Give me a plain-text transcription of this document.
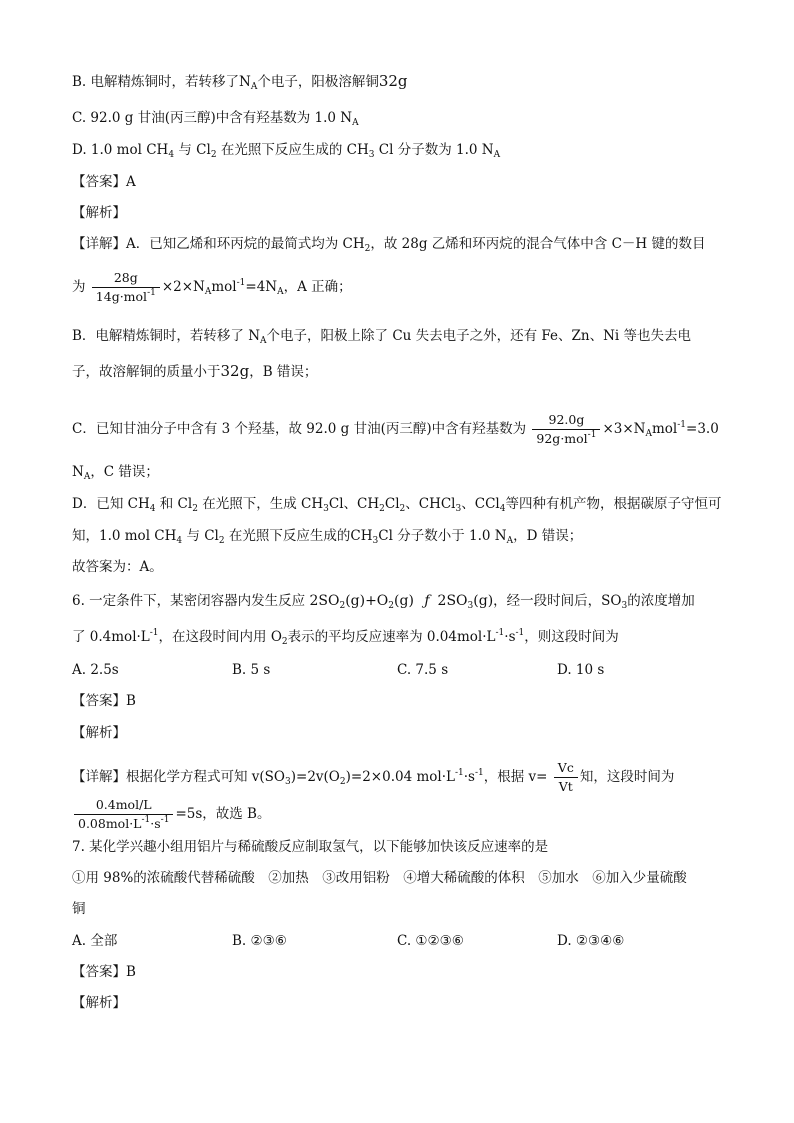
B. 电解精炼铜时，若转移了$N_A$个电子，阳极溶解铜32g
C. 92.0 g 甘油(丙三醇)中含有羟基数为 1.0 $N_A$
D. 1.0 mol $CH_4$ 与 $Cl_2$ 在光照下反应生成的 $CH_3$ Cl 分子数为 1.0 $N_A$
【答案】A
【解析】
【详解】A．已知乙烯和环丙烷的最简式均为 $CH_2$，故 28g 乙烯和环丙烷的混合气体中含 C－H 键的数目
为 $\frac{28g}{14g\cdot mol^{-1}} \times 2\times N_Amol^{-1}=4N_A$，A 正确；
B．电解精炼铜时，若转移了 $N_A$个电子，阳极上除了 Cu 失去电子之外，还有 Fe、Zn、Ni 等也失去电
子，故溶解铜的质量小于32g，B 错误；
C．已知甘油分子中含有 3 个羟基，故 92.0 g 甘油(丙三醇)中含有羟基数为 $\frac{92.0g}{92g\cdot mol^{-1}} \times 3\times N_Amol^{-1}=3.0$
$N_A$，C 错误；
D．已知 $CH_4$ 和 $Cl_2$ 在光照下，生成 $CH_3Cl$、$CH_2Cl_2$、CHCl$_3$、CCl$_4$等四种有机产物，根据碳原子守恒可
知，1.0 mol $CH_4$ 与 $Cl_2$ 在光照下反应生成的$CH_3Cl$ 分子数小于 1.0 $N_A$，D 错误；
故答案为：A。
6. 一定条件下，某密闭容器内发生反应 $2SO_2(g)+O_2(g)$ ƒ $2SO_3(g)$，经一段时间后，$SO_3$的浓度增加
了 $0.4mol\cdot L^{-1}$，在这段时间内用 $O_2$表示的平均反应速率为 $0.04mol\cdot L^{-1}\cdot s^{-1}$，则这段时间为
A. 2.5s	B. 5 s	C. 7.5 s	D. 10 s
【答案】B
【解析】
【详解】根据化学方程式可知 $v(SO_3)=2v(O_2)=2\times 0.04$ $mol\cdot L^{-1}\cdot s^{-1}$，根据 $v= \frac{Vc}{Vt}$ 知，这段时间为
$\frac{\text{0.4mol/L}}{0.08mol\cdot L^{-1}\cdot s^{-1}} =5s$，故选 B。
7. 某化学兴趣小组用铝片与稀硫酸反应制取氢气，以下能够加快该反应速率的是
①用 98%的浓硫酸代替稀硫酸　②加热　③改用铝粉　④增大稀硫酸的体积　⑤加水　⑥加入少量硫酸
铜
A. 全部	B. ②③⑥	C. ①②③⑥	D. ②③④⑥
【答案】B
【解析】
